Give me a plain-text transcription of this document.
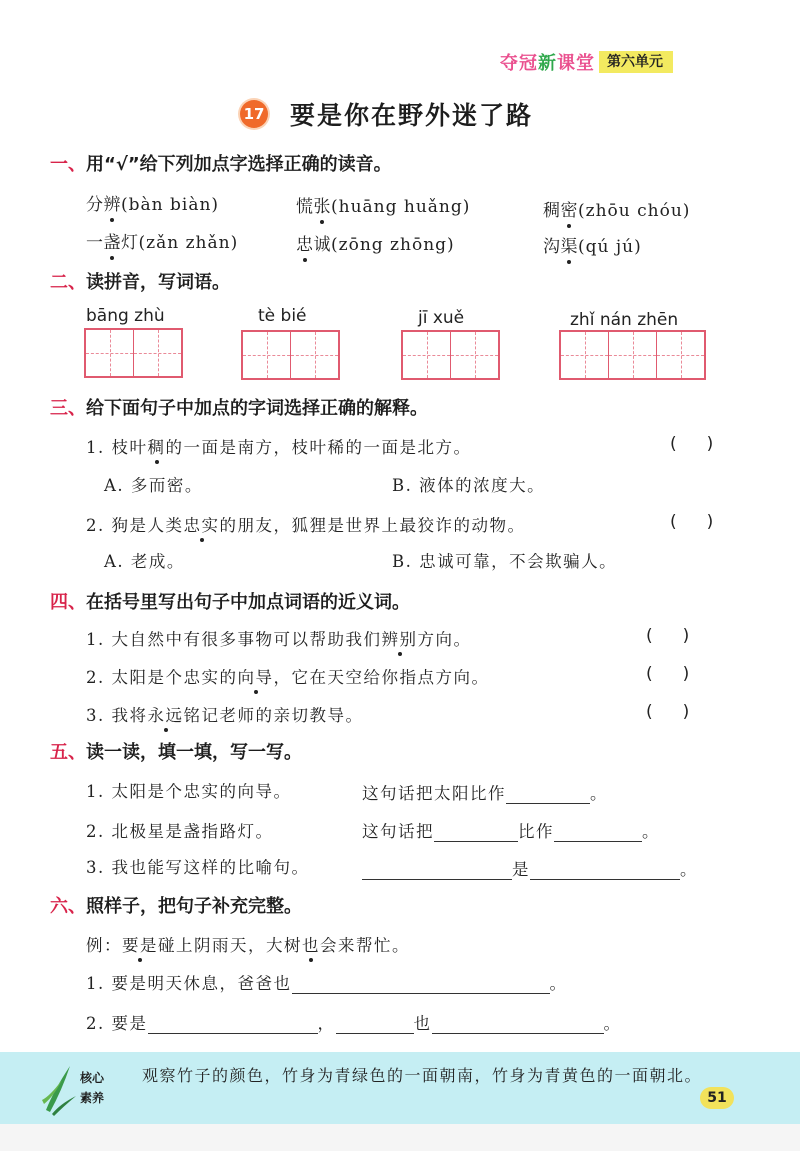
夺冠新课堂 第六单元
17 要是你在野外迷了路
一、用“√”给下列加点字选择正确的读音。
分辨(bàn biàn)	慌张(huāng huǎng)	稠密(zhōu chóu)
一盏灯(zǎn zhǎn)	忠诚(zōng zhōng)	沟渠(qú jú)
二、读拼音，写词语。
bāng zhù	tè bié	jī xuě	zhǐ nán zhēn
三、给下面句子中加点的字词选择正确的解释。
1. 枝叶稠的一面是南方，枝叶稀的一面是北方。	()
A. 多而密。	B. 液体的浓度大。
2. 狗是人类忠实的朋友，狐狸是世界上最狡诈的动物。	()
A. 老成。	B. 忠诚可靠，不会欺骗人。
四、在括号里写出句子中加点词语的近义词。
1. 大自然中有很多事物可以帮助我们辨别方向。	()
2. 太阳是个忠实的向导，它在天空给你指点方向。	()
3. 我将永远铭记老师的亲切教导。	()
五、读一读，填一填，写一写。
1. 太阳是个忠实的向导。	这句话把太阳比作	。
2. 北极星是盏指路灯。	这句话把	比作	。
3. 我也能写这样的比喻句。	是	。
六、照样子，把句子补充完整。
例：要是碰上阴雨天，大树也会来帮忙。
1. 要是明天休息，爸爸也	。
2. 要是	，	也	。
核心
素养
观察竹子的颜色，竹身为青绿色的一面朝南，竹身为青黄色的一面朝北。
51
